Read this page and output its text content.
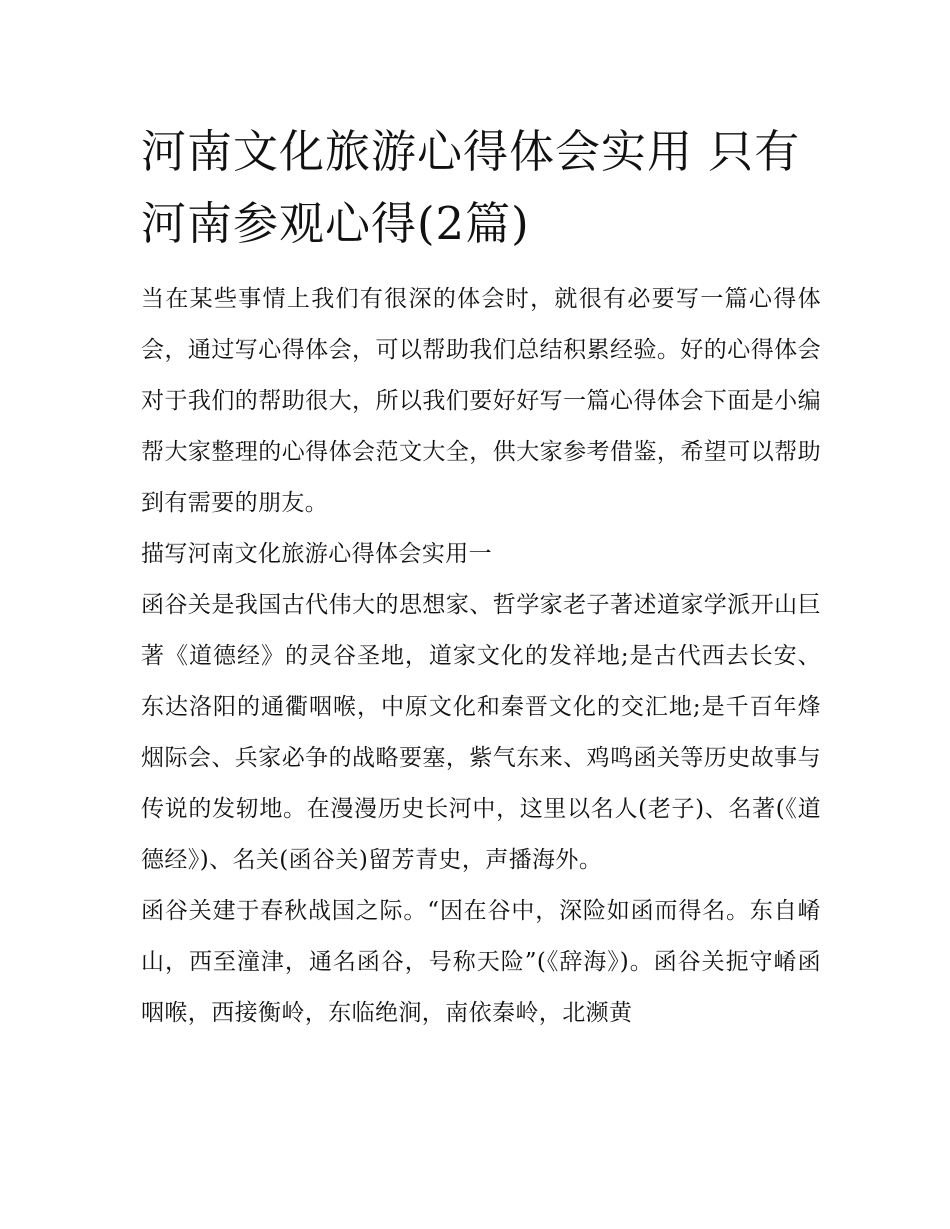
河南文化旅游心得体会实用 只有河南参观心得(2篇)

当在某些事情上我们有很深的体会时，就很有必要写一篇心得体会，通过写心得体会，可以帮助我们总结积累经验。好的心得体会对于我们的帮助很大，所以我们要好好写一篇心得体会下面是小编帮大家整理的心得体会范文大全，供大家参考借鉴，希望可以帮助到有需要的朋友。

描写河南文化旅游心得体会实用一

函谷关是我国古代伟大的思想家、哲学家老子著述道家学派开山巨著《道德经》的灵谷圣地，道家文化的发祥地;是古代西去长安、东达洛阳的通衢咽喉，中原文化和秦晋文化的交汇地;是千百年烽烟际会、兵家必争的战略要塞，紫气东来、鸡鸣函关等历史故事与传说的发轫地。在漫漫历史长河中，这里以名人(老子)、名著(《道德经》)、名关(函谷关)留芳青史，声播海外。

函谷关建于春秋战国之际。“因在谷中，深险如函而得名。东自崤山，西至潼津，通名函谷，号称天险”(《辞海》)。函谷关扼守崤函咽喉，西接衡岭，东临绝涧，南依秦岭，北濒黄
